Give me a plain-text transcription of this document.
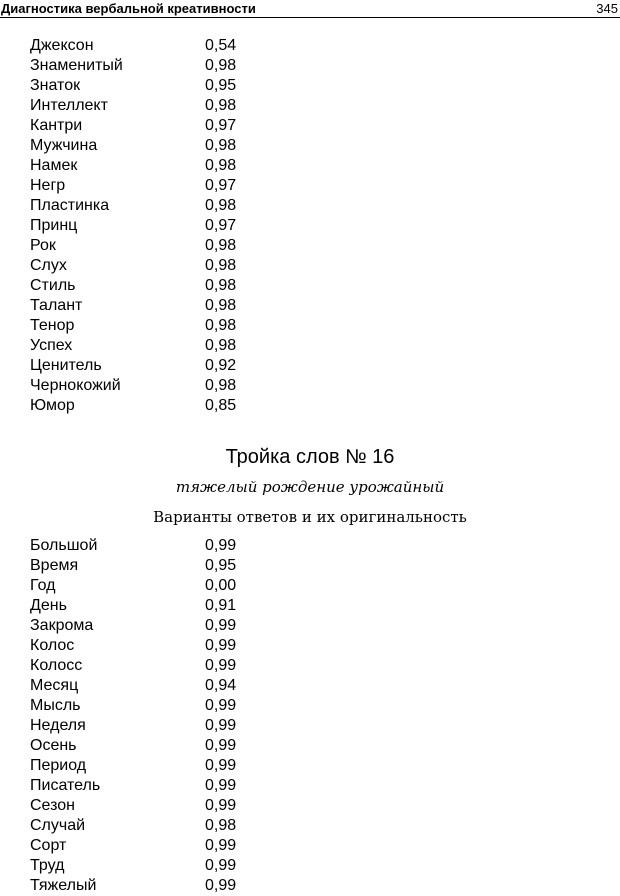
Диагностика вербальной креативности	345
Джексон	0,54
Знаменитый	0,98
Знаток	0,95
Интеллект	0,98
Кантри	0,97
Мужчина	0,98
Намек	0,98
Негр	0,97
Пластинка	0,98
Принц	0,97
Рок	0,98
Слух	0,98
Стиль	0,98
Талант	0,98
Тенор	0,98
Успех	0,98
Ценитель	0,92
Чернокожий	0,98
Юмор	0,85
Тройка слов № 16
тяжелый рождение урожайный
Варианты ответов и их оригинальность
Большой	0,99
Время	0,95
Год	0,00
День	0,91
Закрома	0,99
Колос	0,99
Колосс	0,99
Месяц	0,94
Мысль	0,99
Неделя	0,99
Осень	0,99
Период	0,99
Писатель	0,99
Сезон	0,99
Случай	0,98
Сорт	0,99
Труд	0,99
Тяжелый	0,99
